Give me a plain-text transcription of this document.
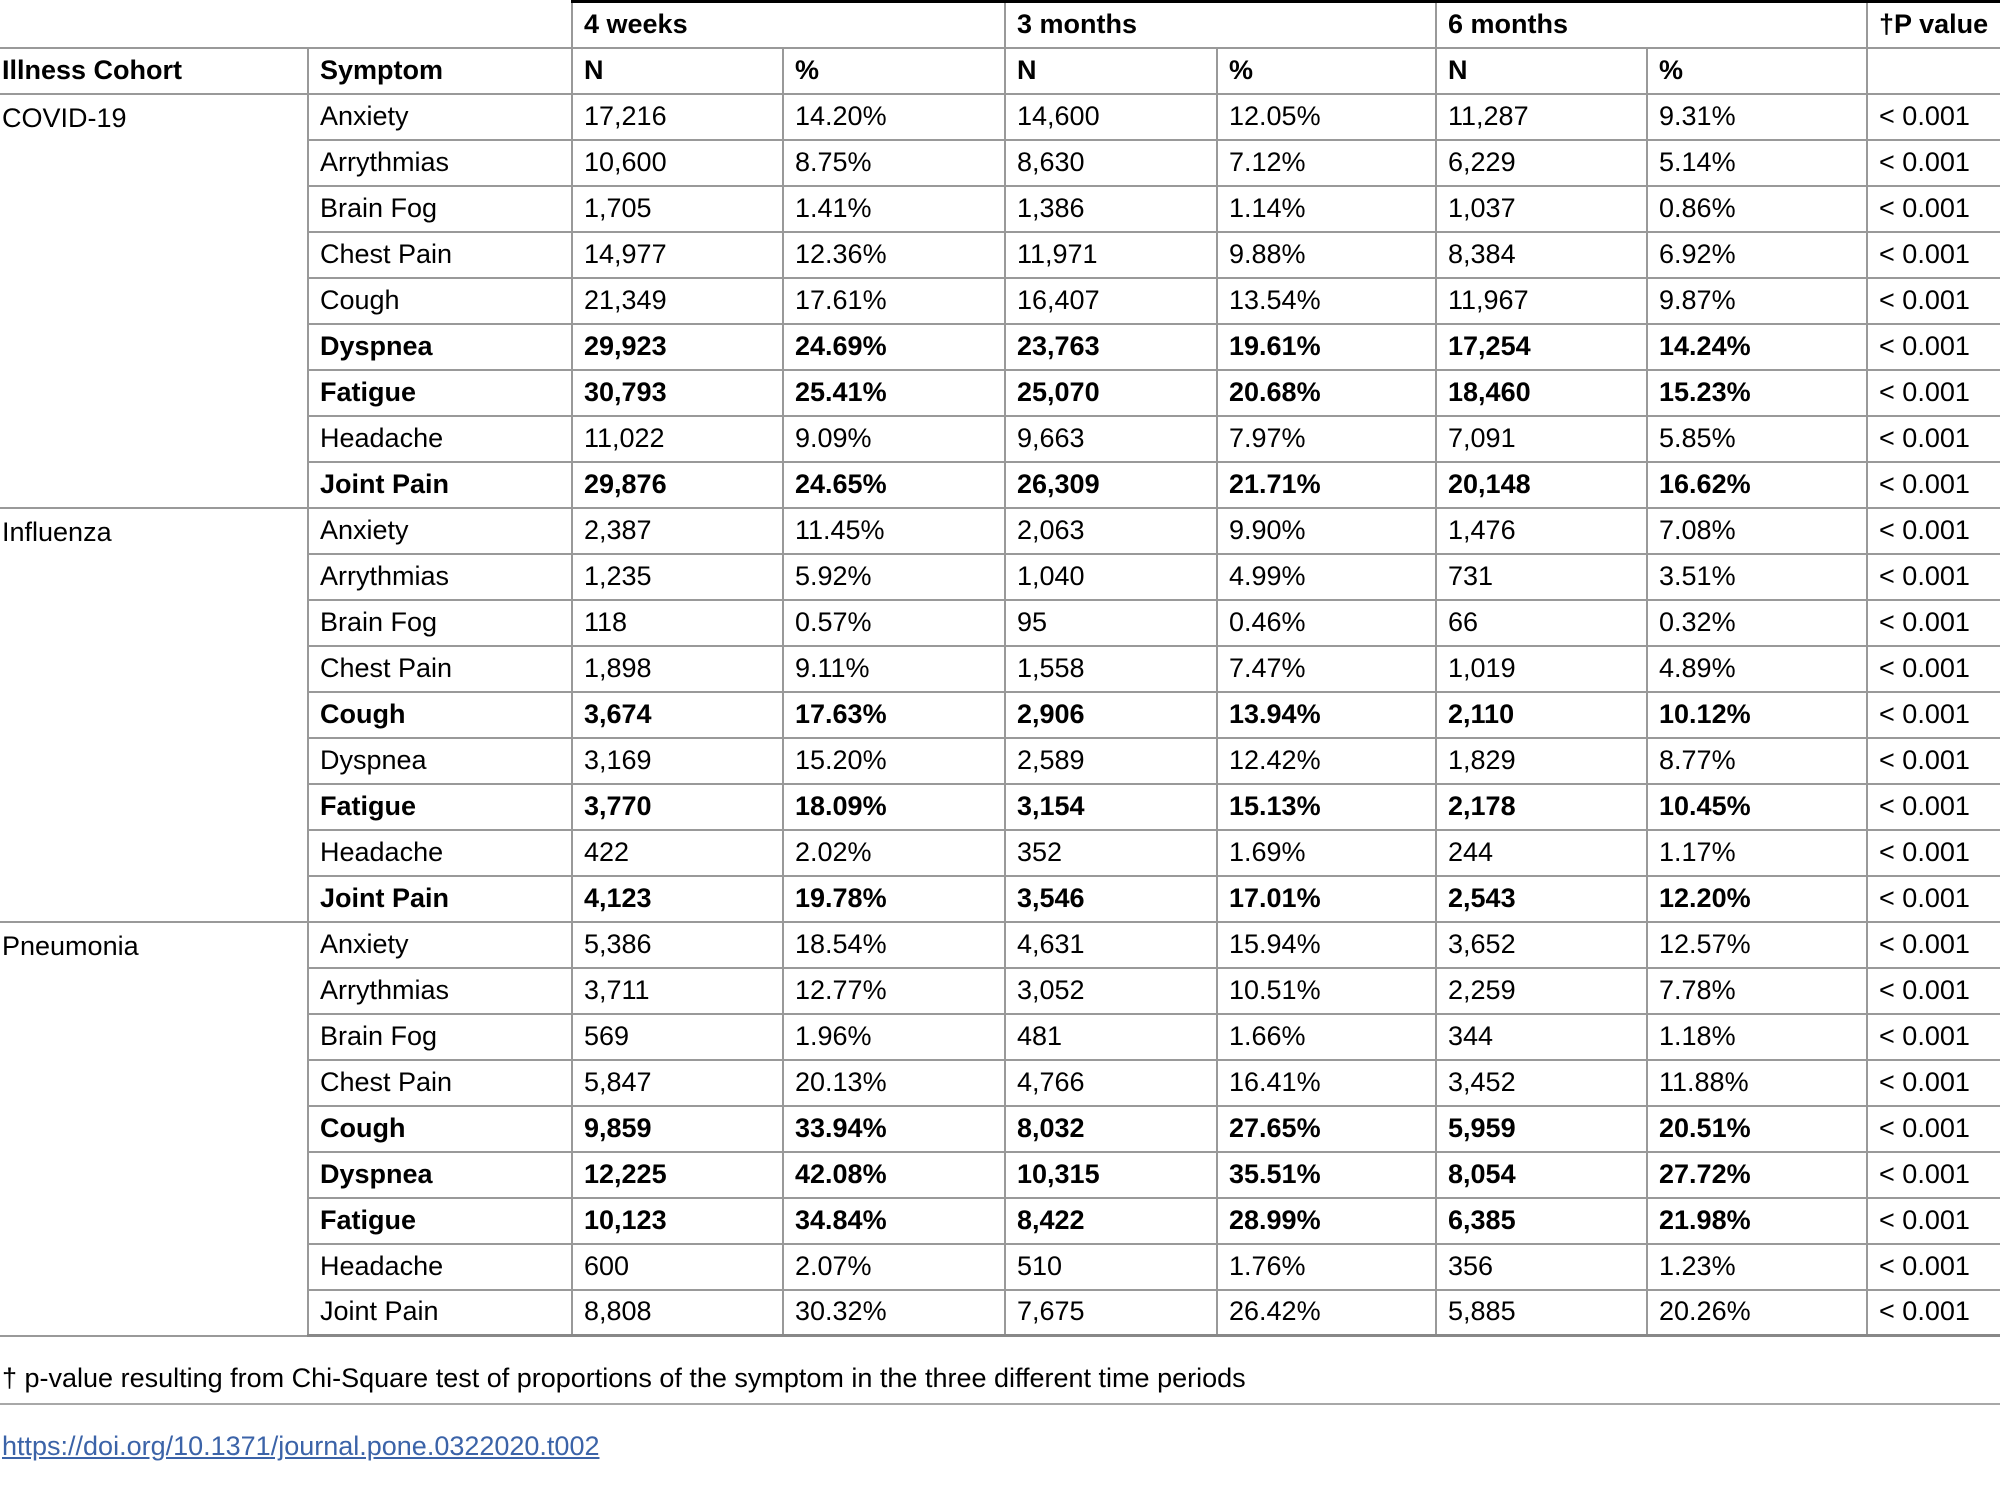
		4 weeks		3 months		6 months		†P value
Illness Cohort	Symptom	N	%	N	%	N	%	
COVID-19	Anxiety	17,216	14.20%	14,600	12.05%	11,287	9.31%	< 0.001
	Arrythmias	10,600	8.75%	8,630	7.12%	6,229	5.14%	< 0.001
	Brain Fog	1,705	1.41%	1,386	1.14%	1,037	0.86%	< 0.001
	Chest Pain	14,977	12.36%	11,971	9.88%	8,384	6.92%	< 0.001
	Cough	21,349	17.61%	16,407	13.54%	11,967	9.87%	< 0.001
	Dyspnea	29,923	24.69%	23,763	19.61%	17,254	14.24%	< 0.001
	Fatigue	30,793	25.41%	25,070	20.68%	18,460	15.23%	< 0.001
	Headache	11,022	9.09%	9,663	7.97%	7,091	5.85%	< 0.001
	Joint Pain	29,876	24.65%	26,309	21.71%	20,148	16.62%	< 0.001
Influenza	Anxiety	2,387	11.45%	2,063	9.90%	1,476	7.08%	< 0.001
	Arrythmias	1,235	5.92%	1,040	4.99%	731	3.51%	< 0.001
	Brain Fog	118	0.57%	95	0.46%	66	0.32%	< 0.001
	Chest Pain	1,898	9.11%	1,558	7.47%	1,019	4.89%	< 0.001
	Cough	3,674	17.63%	2,906	13.94%	2,110	10.12%	< 0.001
	Dyspnea	3,169	15.20%	2,589	12.42%	1,829	8.77%	< 0.001
	Fatigue	3,770	18.09%	3,154	15.13%	2,178	10.45%	< 0.001
	Headache	422	2.02%	352	1.69%	244	1.17%	< 0.001
	Joint Pain	4,123	19.78%	3,546	17.01%	2,543	12.20%	< 0.001
Pneumonia	Anxiety	5,386	18.54%	4,631	15.94%	3,652	12.57%	< 0.001
	Arrythmias	3,711	12.77%	3,052	10.51%	2,259	7.78%	< 0.001
	Brain Fog	569	1.96%	481	1.66%	344	1.18%	< 0.001
	Chest Pain	5,847	20.13%	4,766	16.41%	3,452	11.88%	< 0.001
	Cough	9,859	33.94%	8,032	27.65%	5,959	20.51%	< 0.001
	Dyspnea	12,225	42.08%	10,315	35.51%	8,054	27.72%	< 0.001
	Fatigue	10,123	34.84%	8,422	28.99%	6,385	21.98%	< 0.001
	Headache	600	2.07%	510	1.76%	356	1.23%	< 0.001
	Joint Pain	8,808	30.32%	7,675	26.42%	5,885	20.26%	< 0.001
† p-value resulting from Chi-Square test of proportions of the symptom in the three different time periods
https://doi.org/10.1371/journal.pone.0322020.t002
